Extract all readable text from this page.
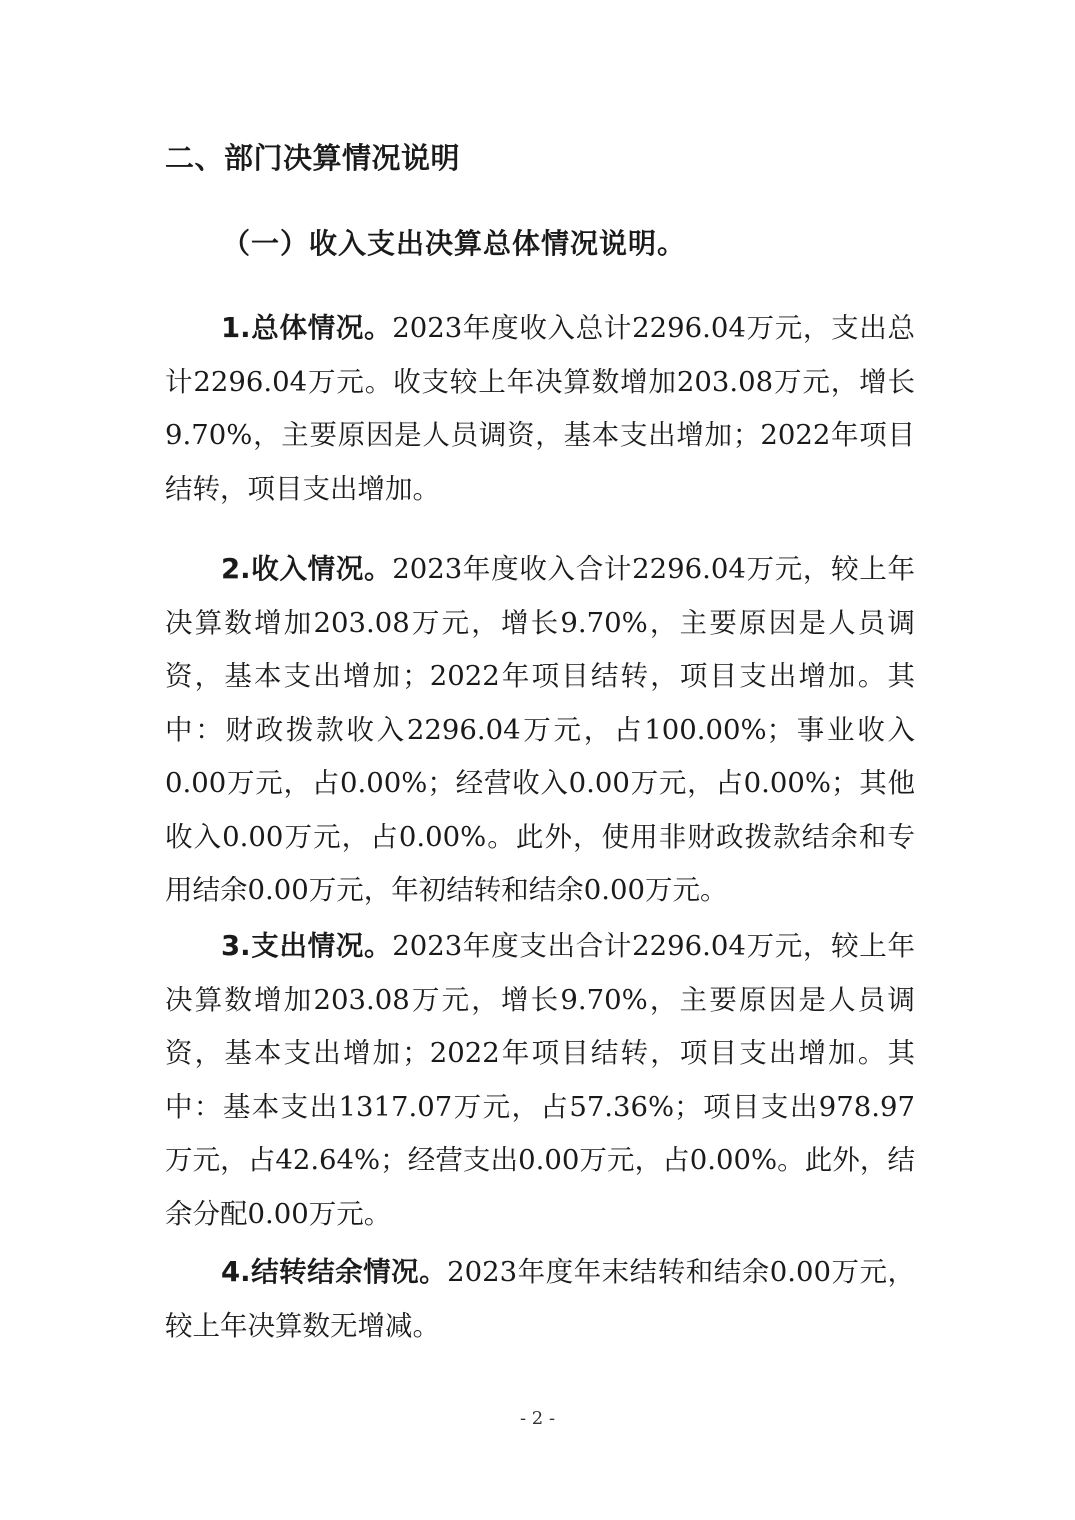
二、部门决算情况说明
（一）收入支出决算总体情况说明。

1.总体情况。2023年度收入总计2296.04万元，支出总计2296.04万元。收支较上年决算数增加203.08万元，增长9.70%，主要原因是人员调资，基本支出增加；2022年项目结转，项目支出增加。

2.收入情况。2023年度收入合计2296.04万元，较上年决算数增加203.08万元，增长9.70%，主要原因是人员调资，基本支出增加；2022年项目结转，项目支出增加。其中：财政拨款收入2296.04万元，占100.00%；事业收入0.00万元，占0.00%；经营收入0.00万元，占0.00%；其他收入0.00万元，占0.00%。此外，使用非财政拨款结余和专用结余0.00万元，年初结转和结余0.00万元。

3.支出情况。2023年度支出合计2296.04万元，较上年决算数增加203.08万元，增长9.70%，主要原因是人员调资，基本支出增加；2022年项目结转，项目支出增加。其中：基本支出1317.07万元，占57.36%；项目支出978.97万元，占42.64%；经营支出0.00万元，占0.00%。此外，结余分配0.00万元。

4.结转结余情况。2023年度年末结转和结余0.00万元，较上年决算数无增减。

- 2 -
